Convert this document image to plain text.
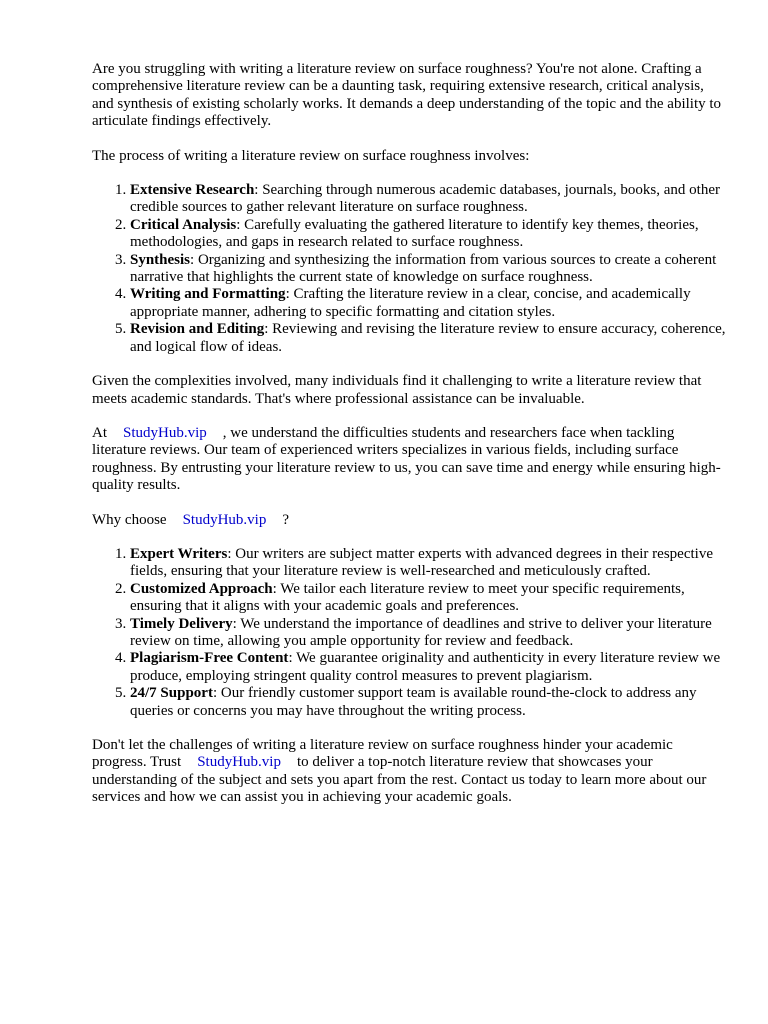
Are you struggling with writing a literature review on surface roughness? You're not alone. Crafting a comprehensive literature review can be a daunting task, requiring extensive research, critical analysis, and synthesis of existing scholarly works. It demands a deep understanding of the topic and the ability to articulate findings effectively.

The process of writing a literature review on surface roughness involves:

1. Extensive Research: Searching through numerous academic databases, journals, books, and other credible sources to gather relevant literature on surface roughness.
2. Critical Analysis: Carefully evaluating the gathered literature to identify key themes, theories, methodologies, and gaps in research related to surface roughness.
3. Synthesis: Organizing and synthesizing the information from various sources to create a coherent narrative that highlights the current state of knowledge on surface roughness.
4. Writing and Formatting: Crafting the literature review in a clear, concise, and academically appropriate manner, adhering to specific formatting and citation styles.
5. Revision and Editing: Reviewing and revising the literature review to ensure accuracy, coherence, and logical flow of ideas.

Given the complexities involved, many individuals find it challenging to write a literature review that meets academic standards. That's where professional assistance can be invaluable.

At StudyHub.vip , we understand the difficulties students and researchers face when tackling literature reviews. Our team of experienced writers specializes in various fields, including surface roughness. By entrusting your literature review to us, you can save time and energy while ensuring high-quality results.

Why choose StudyHub.vip ?

1. Expert Writers: Our writers are subject matter experts with advanced degrees in their respective fields, ensuring that your literature review is well-researched and meticulously crafted.
2. Customized Approach: We tailor each literature review to meet your specific requirements, ensuring that it aligns with your academic goals and preferences.
3. Timely Delivery: We understand the importance of deadlines and strive to deliver your literature review on time, allowing you ample opportunity for review and feedback.
4. Plagiarism-Free Content: We guarantee originality and authenticity in every literature review we produce, employing stringent quality control measures to prevent plagiarism.
5. 24/7 Support: Our friendly customer support team is available round-the-clock to address any queries or concerns you may have throughout the writing process.

Don't let the challenges of writing a literature review on surface roughness hinder your academic progress. Trust StudyHub.vip to deliver a top-notch literature review that showcases your understanding of the subject and sets you apart from the rest. Contact us today to learn more about our services and how we can assist you in achieving your academic goals.
